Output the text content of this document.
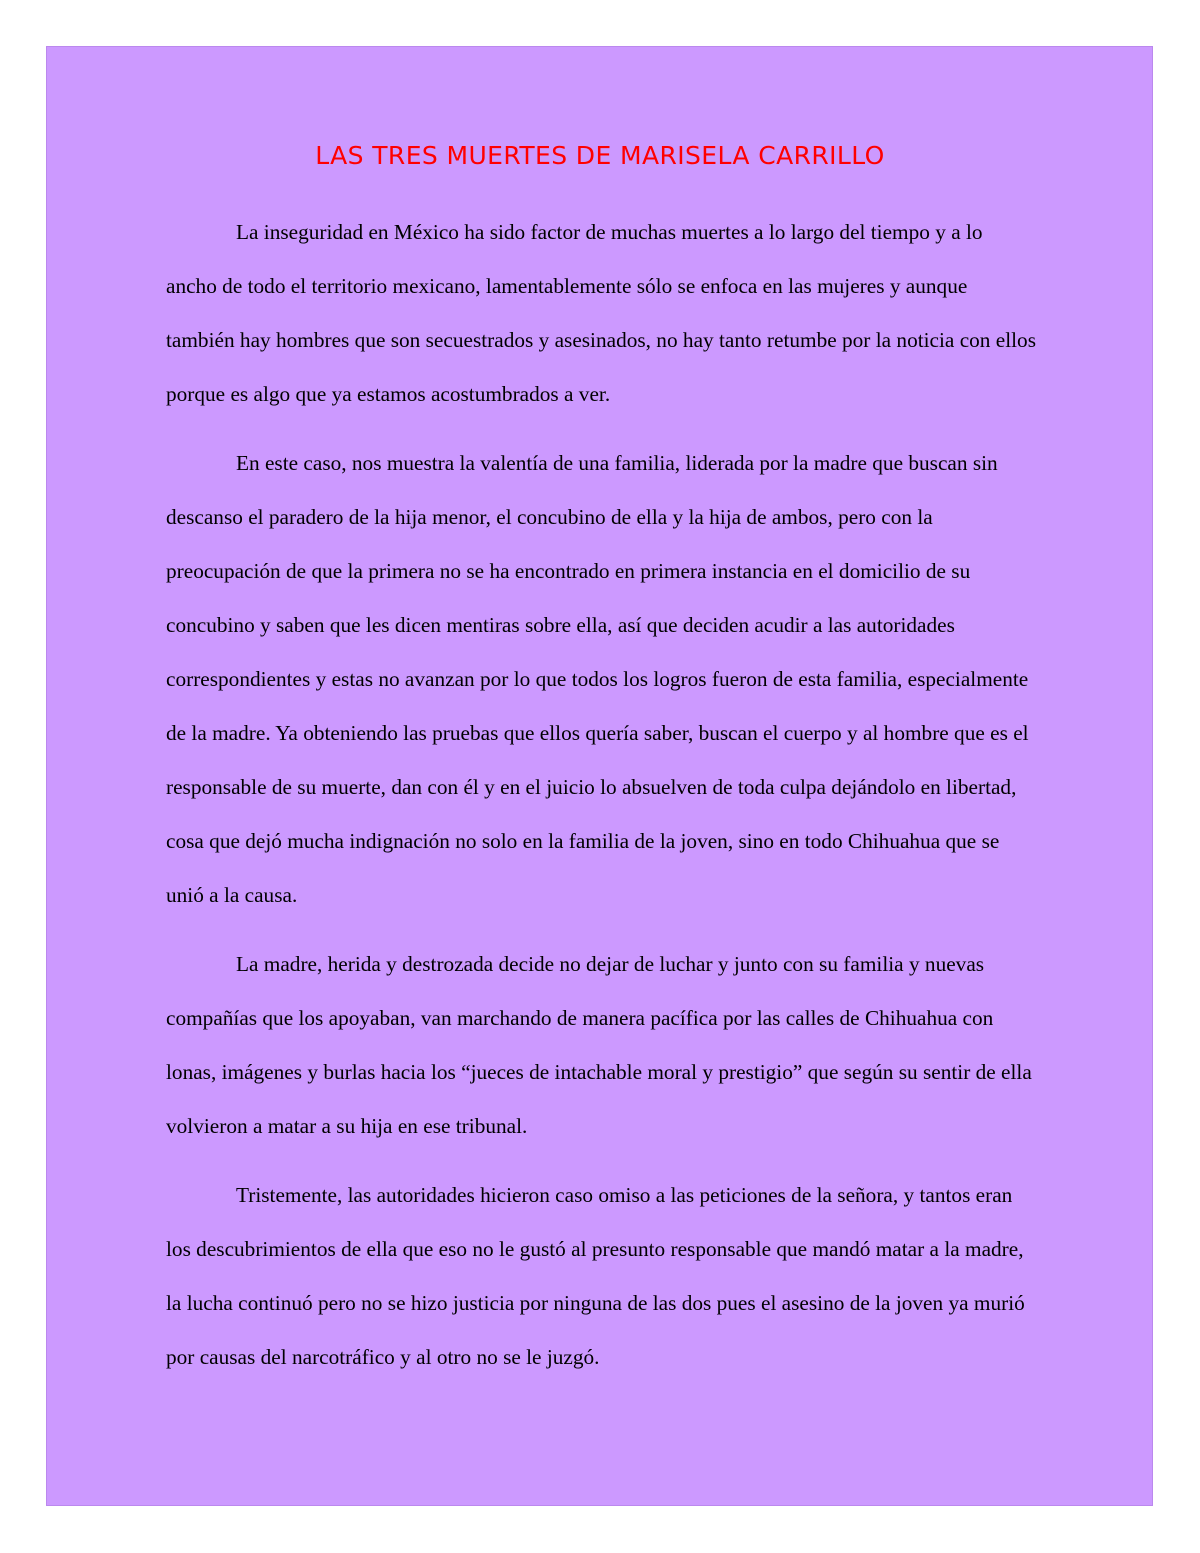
LAS TRES MUERTES DE MARISELA CARRILLO

La inseguridad en México ha sido factor de muchas muertes a lo largo del tiempo y a lo ancho de todo el territorio mexicano, lamentablemente sólo se enfoca en las mujeres y aunque también hay hombres que son secuestrados y asesinados, no hay tanto retumbe por la noticia con ellos porque es algo que ya estamos acostumbrados a ver.

En este caso, nos muestra la valentía de una familia, liderada por la madre que buscan sin descanso el paradero de la hija menor, el concubino de ella y la hija de ambos, pero con la preocupación de que la primera no se ha encontrado en primera instancia en el domicilio de su concubino y saben que les dicen mentiras sobre ella, así que deciden acudir a las autoridades correspondientes y estas no avanzan por lo que todos los logros fueron de esta familia, especialmente de la madre. Ya obteniendo las pruebas que ellos quería saber, buscan el cuerpo y al hombre que es el responsable de su muerte, dan con él y en el juicio lo absuelven de toda culpa dejándolo en libertad, cosa que dejó mucha indignación no solo en la familia de la joven, sino en todo Chihuahua que se unió a la causa.

La madre, herida y destrozada decide no dejar de luchar y junto con su familia y nuevas compañías que los apoyaban, van marchando de manera pacífica por las calles de Chihuahua con lonas, imágenes y burlas hacia los “jueces de intachable moral y prestigio” que según su sentir de ella volvieron a matar a su hija en ese tribunal.

Tristemente, las autoridades hicieron caso omiso a las peticiones de la señora, y tantos eran los descubrimientos de ella que eso no le gustó al presunto responsable que mandó matar a la madre, la lucha continuó pero no se hizo justicia por ninguna de las dos pues el asesino de la joven ya murió por causas del narcotráfico y al otro no se le juzgó.
